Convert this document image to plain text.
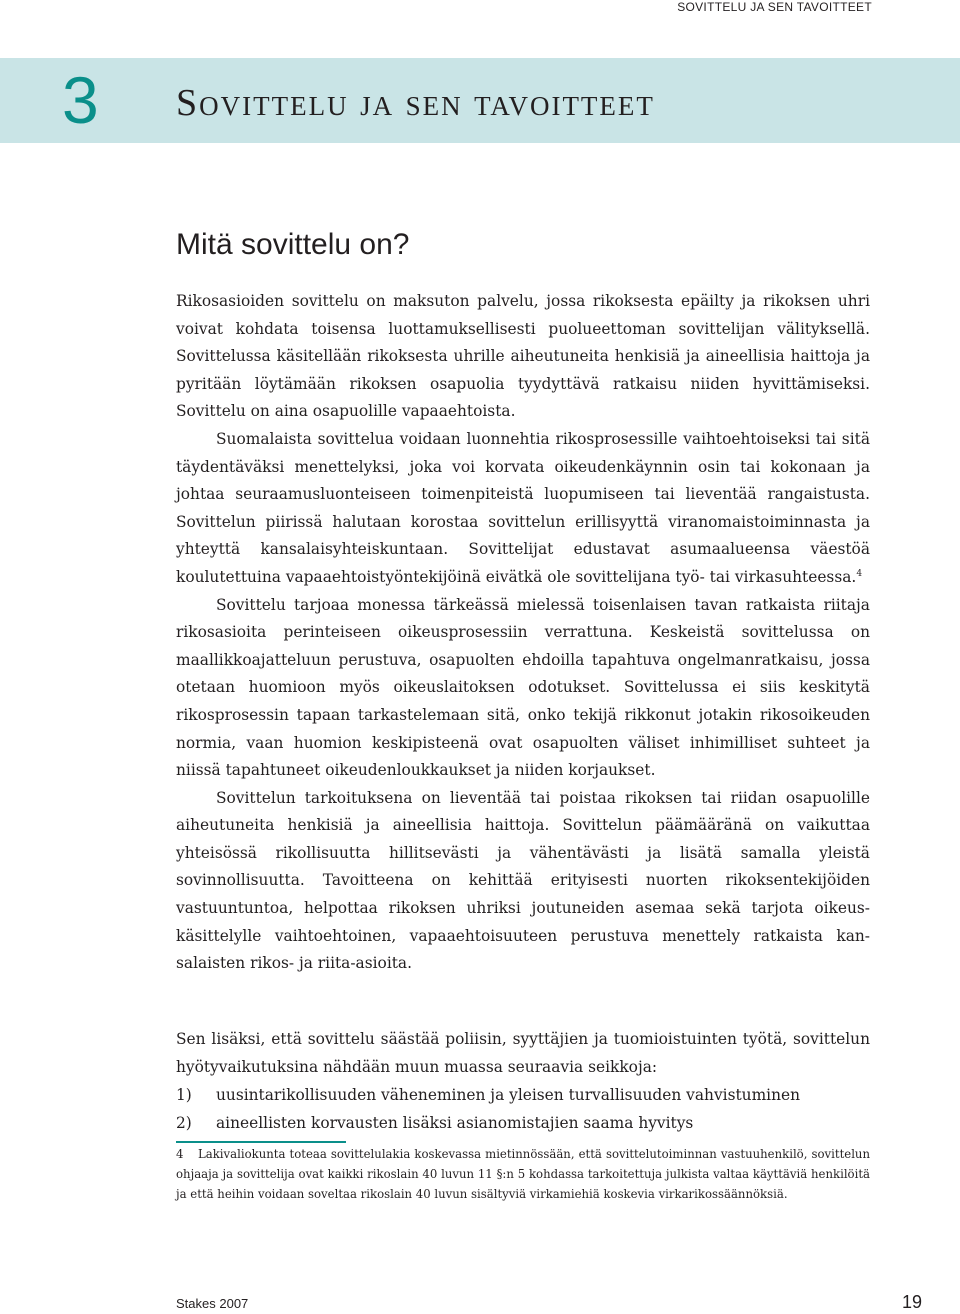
SOVITTELU JA SEN TAVOITTEET
3 Sovittelu ja sen tavoitteet
Mitä sovittelu on?

Rikosasioiden sovittelu on maksuton palvelu, jossa rikoksesta epäilty ja rikoksen uhri voivat kohdata toisensa luottamuksellisesti puolueettoman sovittelijan välityksellä. Sovittelussa käsitellään rikoksesta uhrille aiheutuneita henkisiä ja aineellisia haittoja ja pyritään löytämään rikoksen osapuolia tyydyttävä ratkaisu niiden hyvittämiseksi. Sovittelu on aina osapuolille vapaaehtoista.

Suomalaista sovittelua voidaan luonnehtia rikosprosessille vaihtoehtoiseksi tai sitä täydentäväksi menettelyksi, joka voi korvata oikeudenkäynnin osin tai kokonaan ja johtaa seuraamusluonteiseen toimenpiteistä luopumiseen tai lieventää rangaistusta. Sovittelun piirissä halutaan korostaa sovittelun erillisyyttä viranomaistoiminnasta ja yhteyttä kansalaisyhteiskuntaan. Sovittelijat edustavat asumaalueensa väestöä koulutettuina vapaaehtoistyöntekijöinä eivätkä ole sovittelijana työ- tai virkasuhteessa.$^4$

Sovittelu tarjoaa monessa tärkeässä mielessä toisenlaisen tavan ratkaista riitaja rikosasioita perinteiseen oikeusprosessiin verrattuna. Keskeistä sovittelussa on maallikkoajatteluun perustuva, osapuolten ehdoilla tapahtuva ongelmanratkaisu, jossa otetaan huomioon myös oikeuslaitoksen odotukset. Sovittelussa ei siis keskitytä rikosprosessin tapaan tarkastelemaan sitä, onko tekijä rikkonut jotakin rikosoikeuden normia, vaan huomion keskipisteenä ovat osapuolten väliset inhimilliset suhteet ja niissä tapahtuneet oikeudenloukkaukset ja niiden korjaukset.

Sovittelun tarkoituksena on lieventää tai poistaa rikoksen tai riidan osapuolille aiheutuneita henkisiä ja aineellisia haittoja. Sovittelun päämääränä on vaikuttaa yhteisössä rikollisuutta hillitsevästi ja vähentävästi ja lisätä samalla yleistä sovinnollisuutta. Tavoitteena on kehittää erityisesti nuorten rikoksentekijöiden vastuuntuntoa, helpottaa rikoksen uhriksi joutuneiden asemaa sekä tarjota oikeuskäsittelylle vaihtoehtoinen, vapaaehtoisuuteen perustuva menettely ratkaista kansalaisten rikos- ja riita-asioita.

Sen lisäksi, että sovittelu säästää poliisin, syyttäjien ja tuomioistuinten työtä, sovittelun hyötyvaikutuksina nähdään muun muassa seuraavia seikkoja:

1)	uusintarikollisuuden väheneminen ja yleisen turvallisuuden vahvistuminen
2)	aineellisten korvausten lisäksi asianomistajien saama hyvitys

4 Lakivaliokunta toteaa sovittelulakia koskevassa mietinnössään, että sovittelutoiminnan vastuuhenkilö, sovittelun ohjaaja ja sovittelija ovat kaikki rikoslain 40 luvun 11 §:n 5 kohdassa tarkoitettuja julkista valtaa käyttäviä henkilöitä ja että heihin voidaan soveltaa rikoslain 40 luvun sisältyviä virkamiehiä koskevia virkarikossäännöksiä.

Stakes 2007	19
